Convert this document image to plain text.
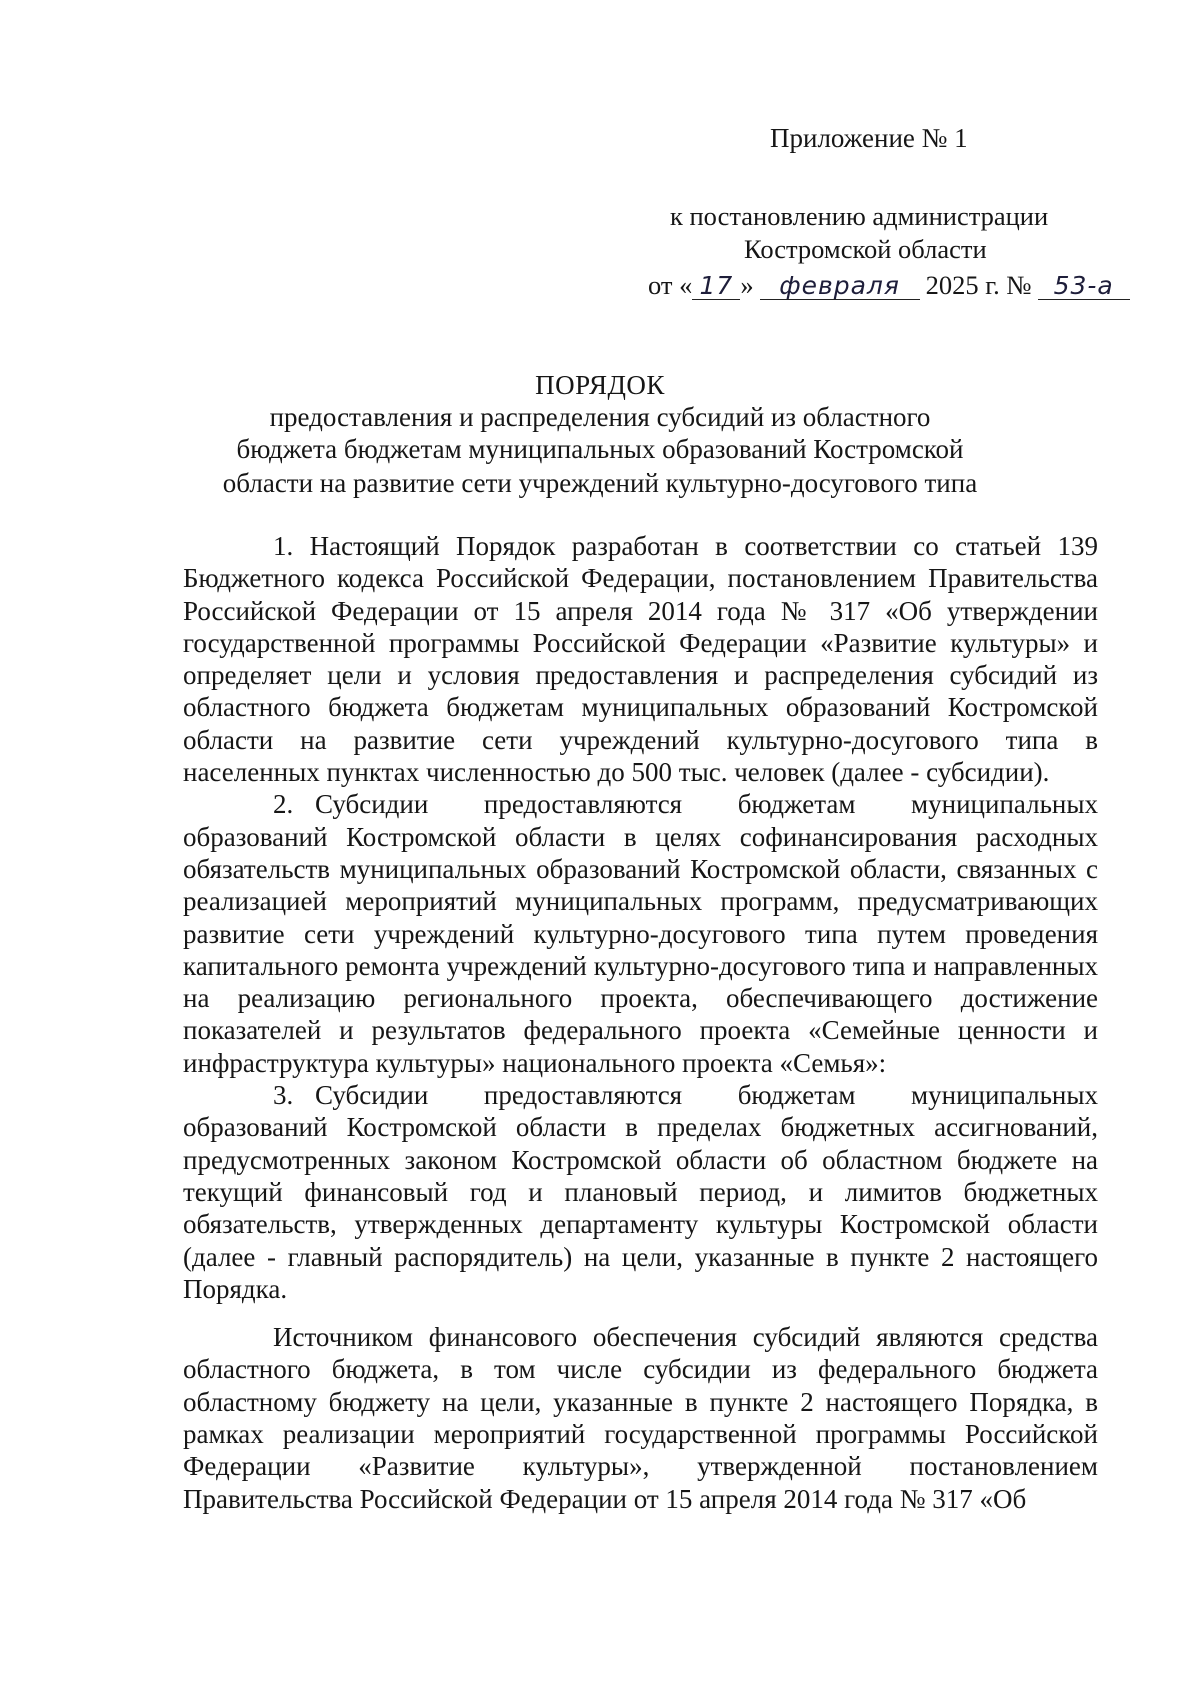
Приложение № 1
к постановлению администрации
Костромской области
от « 17 » февраля 2025 г. № 53-а
ПОРЯДОК
предоставления и распределения субсидий из областного
бюджета бюджетам муниципальных образований Костромской
области на развитие сети учреждений культурно-досугового типа

1. Настоящий Порядок разработан в соответствии со статьей 139 Бюджетного кодекса Российской Федерации, постановлением Правительства Российской Федерации от 15 апреля 2014 года № 317 «Об утверждении государственной программы Российской Федерации «Развитие культуры» и определяет цели и условия предоставления и распределения субсидий из областного бюджета бюджетам муниципальных образований Костромской области на развитие сети учреждений культурно-досугового типа в населенных пунктах численностью до 500 тыс. человек (далее - субсидии).

2. Субсидии предоставляются бюджетам муниципальных образований Костромской области в целях софинансирования расходных обязательств муниципальных образований Костромской области, связанных с реализацией мероприятий муниципальных программ, предусматривающих развитие сети учреждений культурно-досугового типа путем проведения капитального ремонта учреждений культурно-досугового типа и направленных на реализацию регионального проекта, обеспечивающего достижение показателей и результатов федерального проекта «Семейные ценности и инфраструктура культуры» национального проекта «Семья»:

3. Субсидии предоставляются бюджетам муниципальных образований Костромской области в пределах бюджетных ассигнований, предусмотренных законом Костромской области об областном бюджете на текущий финансовый год и плановый период, и лимитов бюджетных обязательств, утвержденных департаменту культуры Костромской области (далее - главный распорядитель) на цели, указанные в пункте 2 настоящего Порядка.

Источником финансового обеспечения субсидий являются средства областного бюджета, в том числе субсидии из федерального бюджета областному бюджету на цели, указанные в пункте 2 настоящего Порядка, в рамках реализации мероприятий государственной программы Российской Федерации «Развитие культуры», утвержденной постановлением Правительства Российской Федерации от 15 апреля 2014 года № 317 «Об
